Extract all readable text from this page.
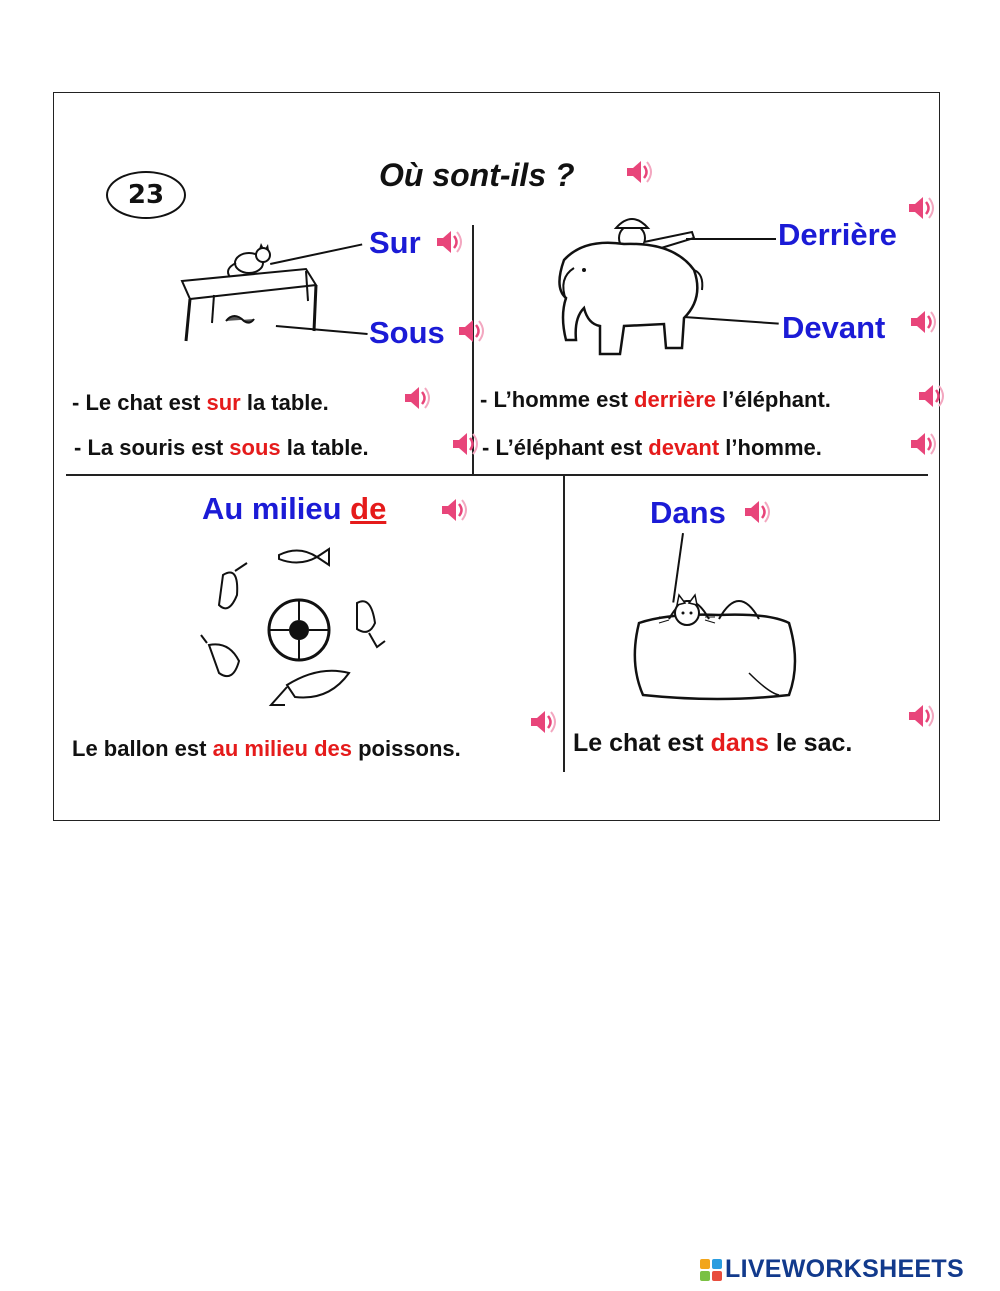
23
Où sont-ils ?
Sur
Sous
- Le chat est sur la table.
- La souris est sous la table.
Derrière
Devant
- L’homme est derrière l’éléphant.
- L’éléphant est devant l’homme.
Au milieu de
Le ballon est au milieu des poissons.
Dans
Le chat est dans le sac.
LIVEWORKSHEETS
